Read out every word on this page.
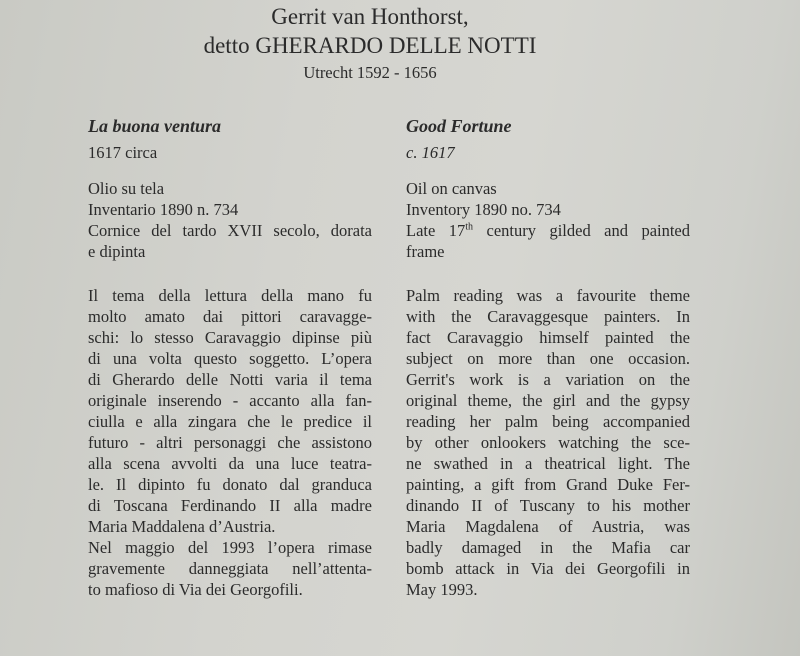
Gerrit van Honthorst,
detto GHERARDO DELLE NOTTI
Utrecht 1592 - 1656
La buona ventura
1617 circa
Olio su tela
Inventario 1890 n. 734
Cornice del tardo XVII secolo, dorata
e dipinta
Il tema della lettura della mano fu
molto amato dai pittori caravagge-
schi: lo stesso Caravaggio dipinse più
di una volta questo soggetto. L’opera
di Gherardo delle Notti varia il tema
originale inserendo - accanto alla fan-
ciulla e alla zingara che le predice il
futuro - altri personaggi che assistono
alla scena avvolti da una luce teatra-
le. Il dipinto fu donato dal granduca
di Toscana Ferdinando II alla madre
Maria Maddalena d’Austria.
Nel maggio del 1993 l’opera rimase
gravemente danneggiata nell’attenta-
to mafioso di Via dei Georgofili.
Good Fortune
c. 1617
Oil on canvas
Inventory 1890 no. 734
Late 17th century gilded and painted
frame
Palm reading was a favourite theme
with the Caravaggesque painters. In
fact Caravaggio himself painted the
subject on more than one occasion.
Gerrit's work is a variation on the
original theme, the girl and the gypsy
reading her palm being accompanied
by other onlookers watching the sce-
ne swathed in a theatrical light. The
painting, a gift from Grand Duke Fer-
dinando II of Tuscany to his mother
Maria Magdalena of Austria, was
badly damaged in the Mafia car
bomb attack in Via dei Georgofili in
May 1993.
